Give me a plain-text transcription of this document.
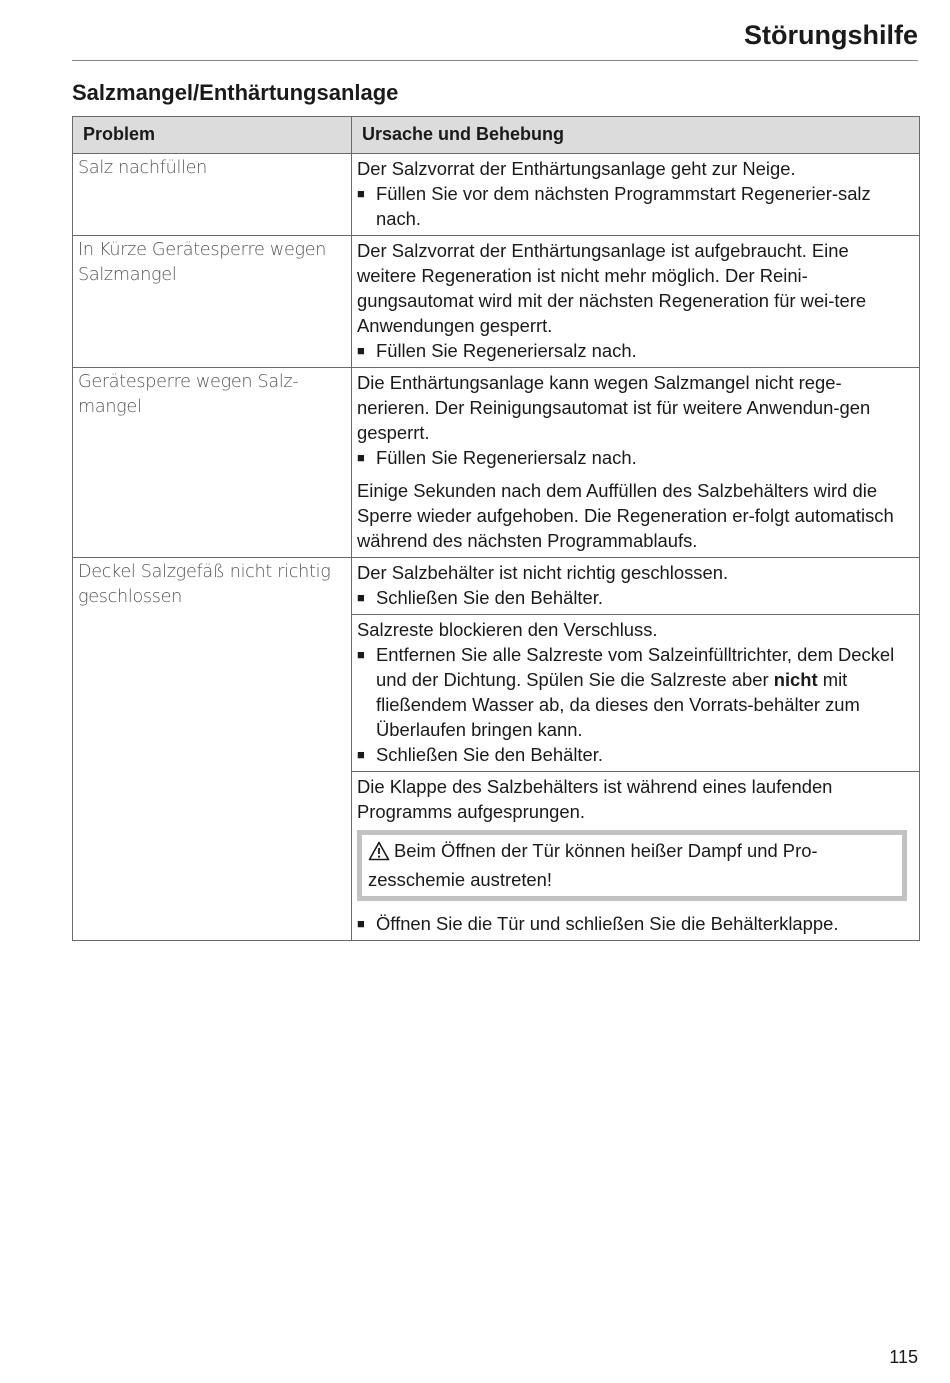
Störungshilfe
Salzmangel/Enthärtungsanlage
Problem	Ursache und Behebung
Salz nachfüllen	Der Salzvorrat der Enthärtungsanlage geht zur Neige.
■ Füllen Sie vor dem nächsten Programmstart Regenerier-salz nach.

In Kürze Gerätesperre wegen Salzmangel	Der Salzvorrat der Enthärtungsanlage ist aufgebraucht. Eine weitere Regeneration ist nicht mehr möglich. Der Reini-gungsautomat wird mit der nächsten Regeneration für wei-tere Anwendungen gesperrt.
■ Füllen Sie Regeneriersalz nach.

Gerätesperre wegen Salz-mangel	Die Enthärtungsanlage kann wegen Salzmangel nicht rege-nerieren. Der Reinigungsautomat ist für weitere Anwendun-gen gesperrt.
■ Füllen Sie Regeneriersalz nach.
Einige Sekunden nach dem Auffüllen des Salzbehälters wird die Sperre wieder aufgehoben. Die Regeneration er-folgt automatisch während des nächsten Programmablaufs.

Deckel Salzgefäß nicht richtig geschlossen	Der Salzbehälter ist nicht richtig geschlossen.
■ Schließen Sie den Behälter.

	Salzreste blockieren den Verschluss.
■ Entfernen Sie alle Salzreste vom Salzeinfülltrichter, dem Deckel und der Dichtung. Spülen Sie die Salzreste aber nicht mit fließendem Wasser ab, da dieses den Vorrats-behälter zum Überlaufen bringen kann.
■ Schließen Sie den Behälter.

	Die Klappe des Salzbehälters ist während eines laufenden Programms aufgesprungen.
Beim Öffnen der Tür können heißer Dampf und Pro-zesschemie austreten!
■ Öffnen Sie die Tür und schließen Sie die Behälterklappe.
115
